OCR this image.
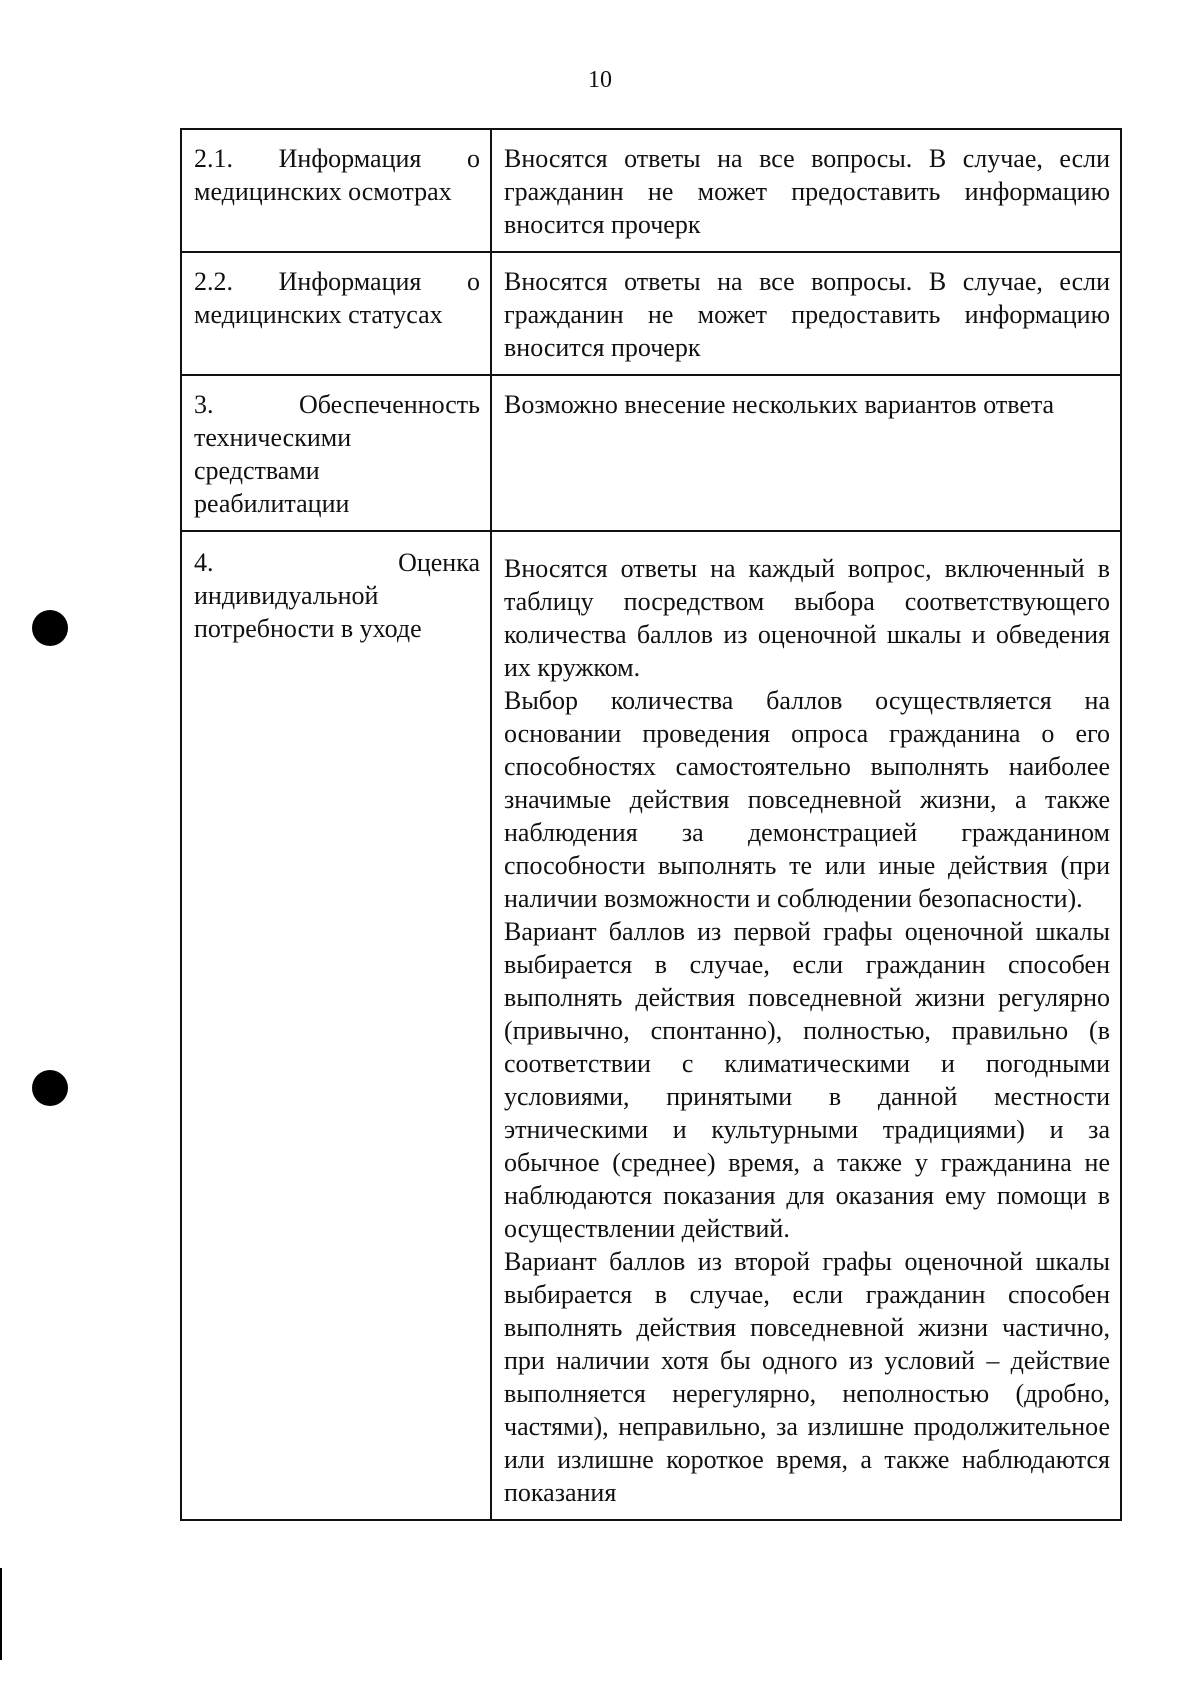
10
2.1. Информация о медицинских осмотрах	Вносятся ответы на все вопросы. В случае, если гражданин не может предоставить информацию вносится прочерк

2.2. Информация о медицинских статусах	Вносятся ответы на все вопросы. В случае, если гражданин не может предоставить информацию вносится прочерк

3. Обеспеченность техническими средствами реабилитации	Возможно внесение нескольких вариантов ответа

4. Оценка индивидуальной потребности в уходе	Вносятся ответы на каждый вопрос, включенный в таблицу посредством выбора соответствующего количества баллов из оценочной шкалы и обведения их кружком.

Выбор количества баллов осуществляется на основании проведения опроса гражданина о его способностях самостоятельно выполнять наиболее значимые действия повседневной жизни, а также наблюдения за демонстрацией гражданином способности выполнять те или иные действия (при наличии возможности и соблюдении безопасности).

Вариант баллов из первой графы оценочной шкалы выбирается в случае, если гражданин способен выполнять действия повседневной жизни регулярно (привычно, спонтанно), полностью, правильно (в соответствии с климатическими и погодными условиями, принятыми в данной местности этническими и культурными традициями) и за обычное (среднее) время, а также у гражданина не наблюдаются показания для оказания ему помощи в осуществлении действий.

Вариант баллов из второй графы оценочной шкалы выбирается в случае, если гражданин способен выполнять действия повседневной жизни частично, при наличии хотя бы одного из условий – действие выполняется нерегулярно, неполностью (дробно, частями), неправильно, за излишне продолжительное или излишне короткое время, а также наблюдаются показания
